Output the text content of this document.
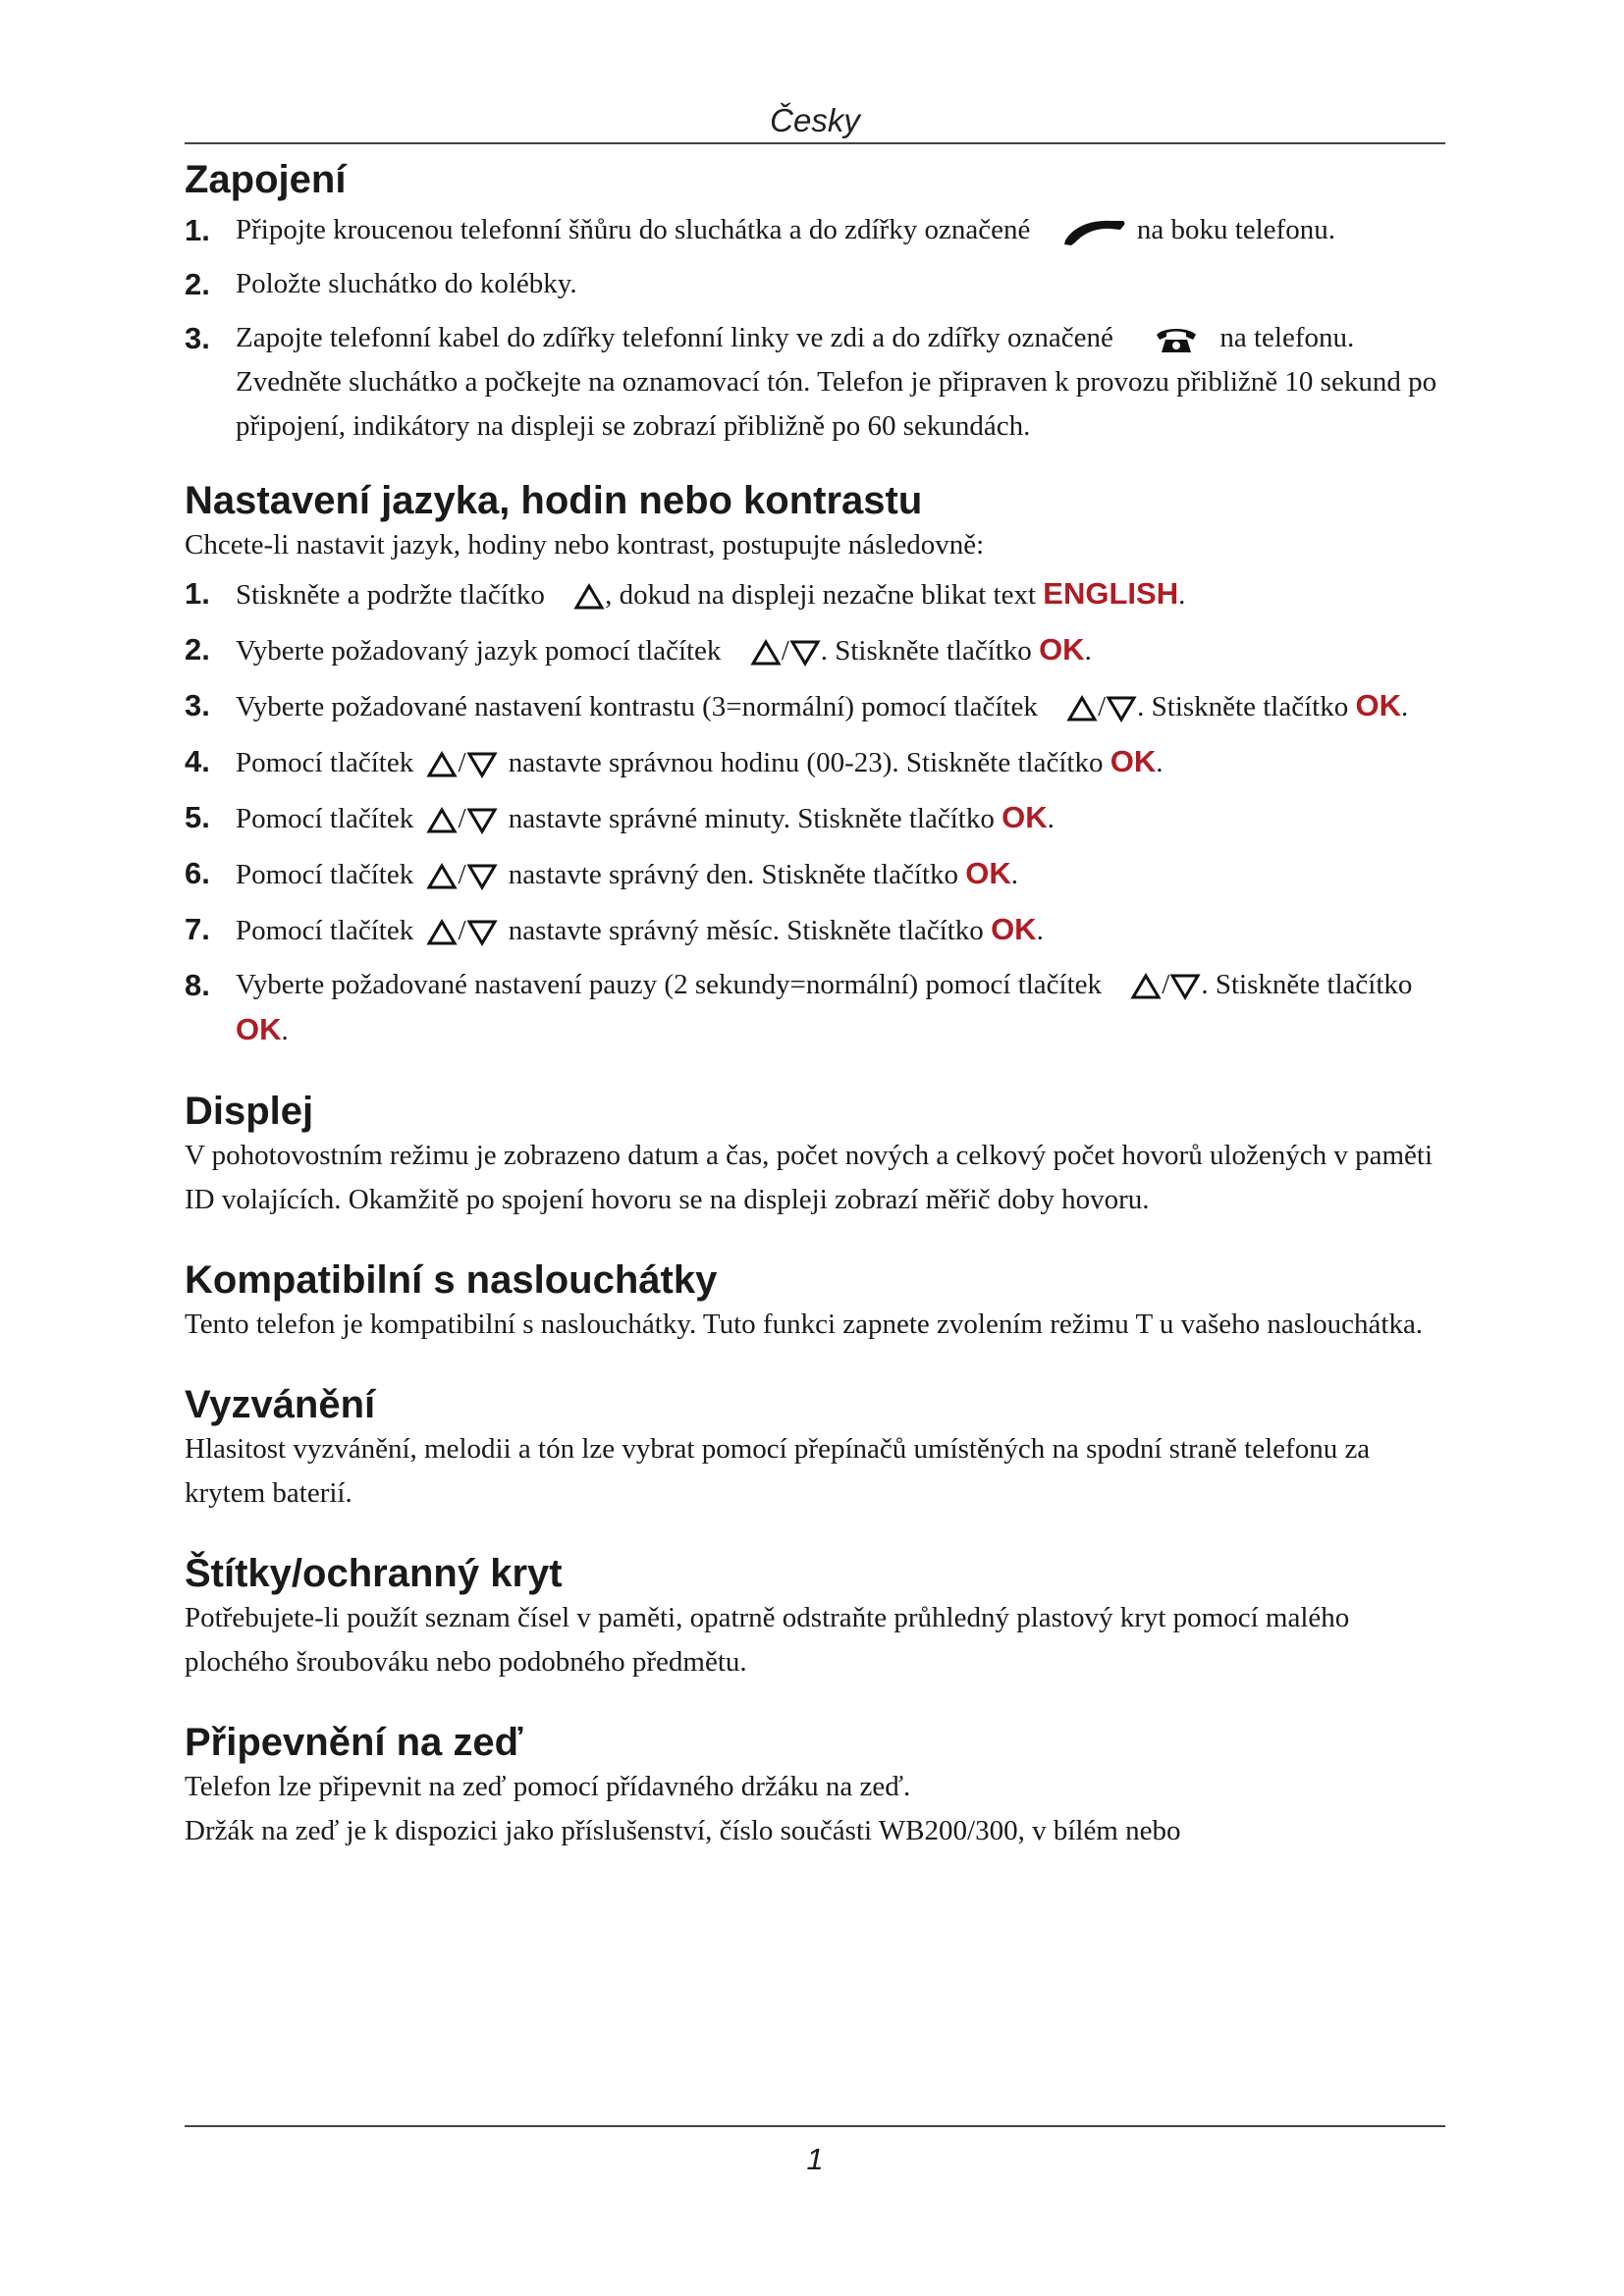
Česky
Zapojení
1. Připojte kroucenou telefonní šňůru do sluchátka a do zdířky označené	na boku telefonu.
2. Položte sluchátko do kolébky.
3. Zapojte telefonní kabel do zdířky telefonní linky ve zdi a do zdířky označené	na telefonu. Zvedněte sluchátko a počkejte na oznamovací tón. Telefon je připraven k provozu přibližně 10 sekund po připojení, indikátory na displeji se zobrazí přibližně po 60 sekundách.
Nastavení jazyka, hodin nebo kontrastu

Chcete-li nastavit jazyk, hodiny nebo kontrast, postupujte následovně:

1. Stiskněte a podržte tlačítko , dokud na displeji nezačne blikat text ENGLISH.
2. Vyberte požadovaný jazyk pomocí tlačítek / . Stiskněte tlačítko OK.
3. Vyberte požadované nastavení kontrastu (3=normální) pomocí tlačítek / . Stiskněte tlačítko OK.
4. Pomocí tlačítek / nastavte správnou hodinu (00-23). Stiskněte tlačítko OK.
5. Pomocí tlačítek / nastavte správné minuty. Stiskněte tlačítko OK.
6. Pomocí tlačítek / nastavte správný den. Stiskněte tlačítko OK.
7. Pomocí tlačítek / nastavte správný měsíc. Stiskněte tlačítko OK.
8. Vyberte požadované nastavení pauzy (2 sekundy=normální) pomocí tlačítek / . Stiskněte tlačítko OK.
Displej

V pohotovostním režimu je zobrazeno datum a čas, počet nových a celkový počet hovorů uložených v paměti ID volajících. Okamžitě po spojení hovoru se na displeji zobrazí měřič doby hovoru.

Kompatibilní s naslouchátky

Tento telefon je kompatibilní s naslouchátky. Tuto funkci zapnete zvolením režimu T u vašeho naslouchátka.

Vyzvánění

Hlasitost vyzvánění, melodii a tón lze vybrat pomocí přepínačů umístěných na spodní straně telefonu za krytem baterií.

Štítky/ochranný kryt

Potřebujete-li použít seznam čísel v paměti, opatrně odstraňte průhledný plastový kryt pomocí malého plochého šroubováku nebo podobného předmětu.

Připevnění na zeď

Telefon lze připevnit na zeď pomocí přídavného držáku na zeď.

Držák na zeď je k dispozici jako příslušenství, číslo součásti WB200/300, v bílém nebo

1
